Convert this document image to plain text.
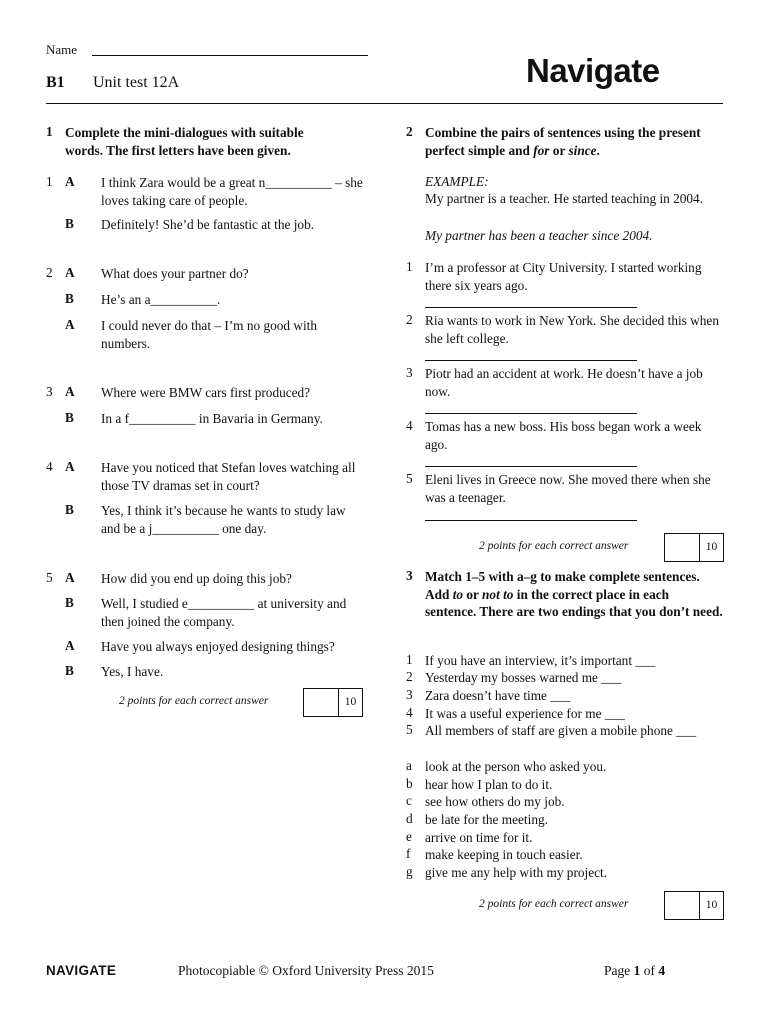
Name
B1 Unit test 12A	Navigate
1 Complete the mini-dialogues with suitable words. The first letters have been given.
1 A I think Zara would be a great n__________ – she loves taking care of people.
B Definitely! She’d be fantastic at the job.
2 A What does your partner do?
B He’s an a__________.
A I could never do that – I’m no good with numbers.
3 A Where were BMW cars first produced?
B In a f__________ in Bavaria in Germany.
4 A Have you noticed that Stefan loves watching all those TV dramas set in court?
B Yes, I think it’s because he wants to study law and be a j__________ one day.
5 A How did you end up doing this job?
B Well, I studied e__________ at university and then joined the company.
A Have you always enjoyed designing things?
B Yes, I have.
2 points for each correct answer	10
2 Combine the pairs of sentences using the present perfect simple and for or since.
EXAMPLE:
My partner is a teacher. He started teaching in 2004.
My partner has been a teacher since 2004.
1 I’m a professor at City University. I started working there six years ago.
2 Ria wants to work in New York. She decided this when she left college.
3 Piotr had an accident at work. He doesn’t have a job now.
4 Tomas has a new boss. His boss began work a week ago.
5 Eleni lives in Greece now. She moved there when she was a teenager.
2 points for each correct answer	10
3 Match 1–5 with a–g to make complete sentences. Add to or not to in the correct place in each sentence. There are two endings that you don’t need.
1 If you have an interview, it’s important ___
2 Yesterday my bosses warned me ___
3 Zara doesn’t have time ___
4 It was a useful experience for me ___
5 All members of staff are given a mobile phone ___
a look at the person who asked you.
b hear how I plan to do it.
c see how others do my job.
d be late for the meeting.
e arrive on time for it.
f	make keeping in touch easier.
g give me any help with my project.
2 points for each correct answer	10
NAVIGATE	Photocopiable © Oxford University Press 2015	Page 1 of 4
